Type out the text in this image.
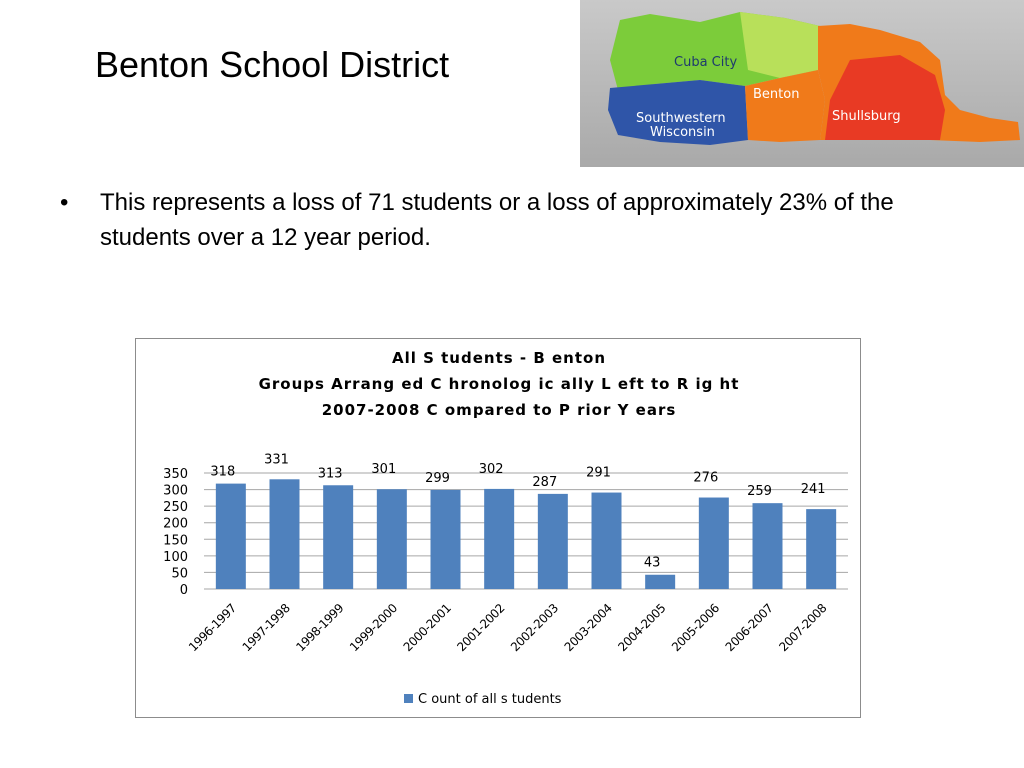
Benton School District	Cuba City
Benton
Shullsburg
Southwestern
Wisconsin
• This represents a loss of 71 students or a loss of approximately 23% of the students over a 12 year period.
All S tudents - B enton
Groups Arrang ed C hronolog ic ally L eft to R ig ht
2007-2008 C ompared to P rior Y ears
0
50
100
150
200
250
300
350 318
1996-1997
331
1997-1998
313
1998-1999
301
1999-2000
299
2000-2001
302
2001-2002
287
2002-2003
291
2003-2004
43
2004-2005
276
2005-2006
259
2006-2007
241
2007-2008
C ount of all s tudents
